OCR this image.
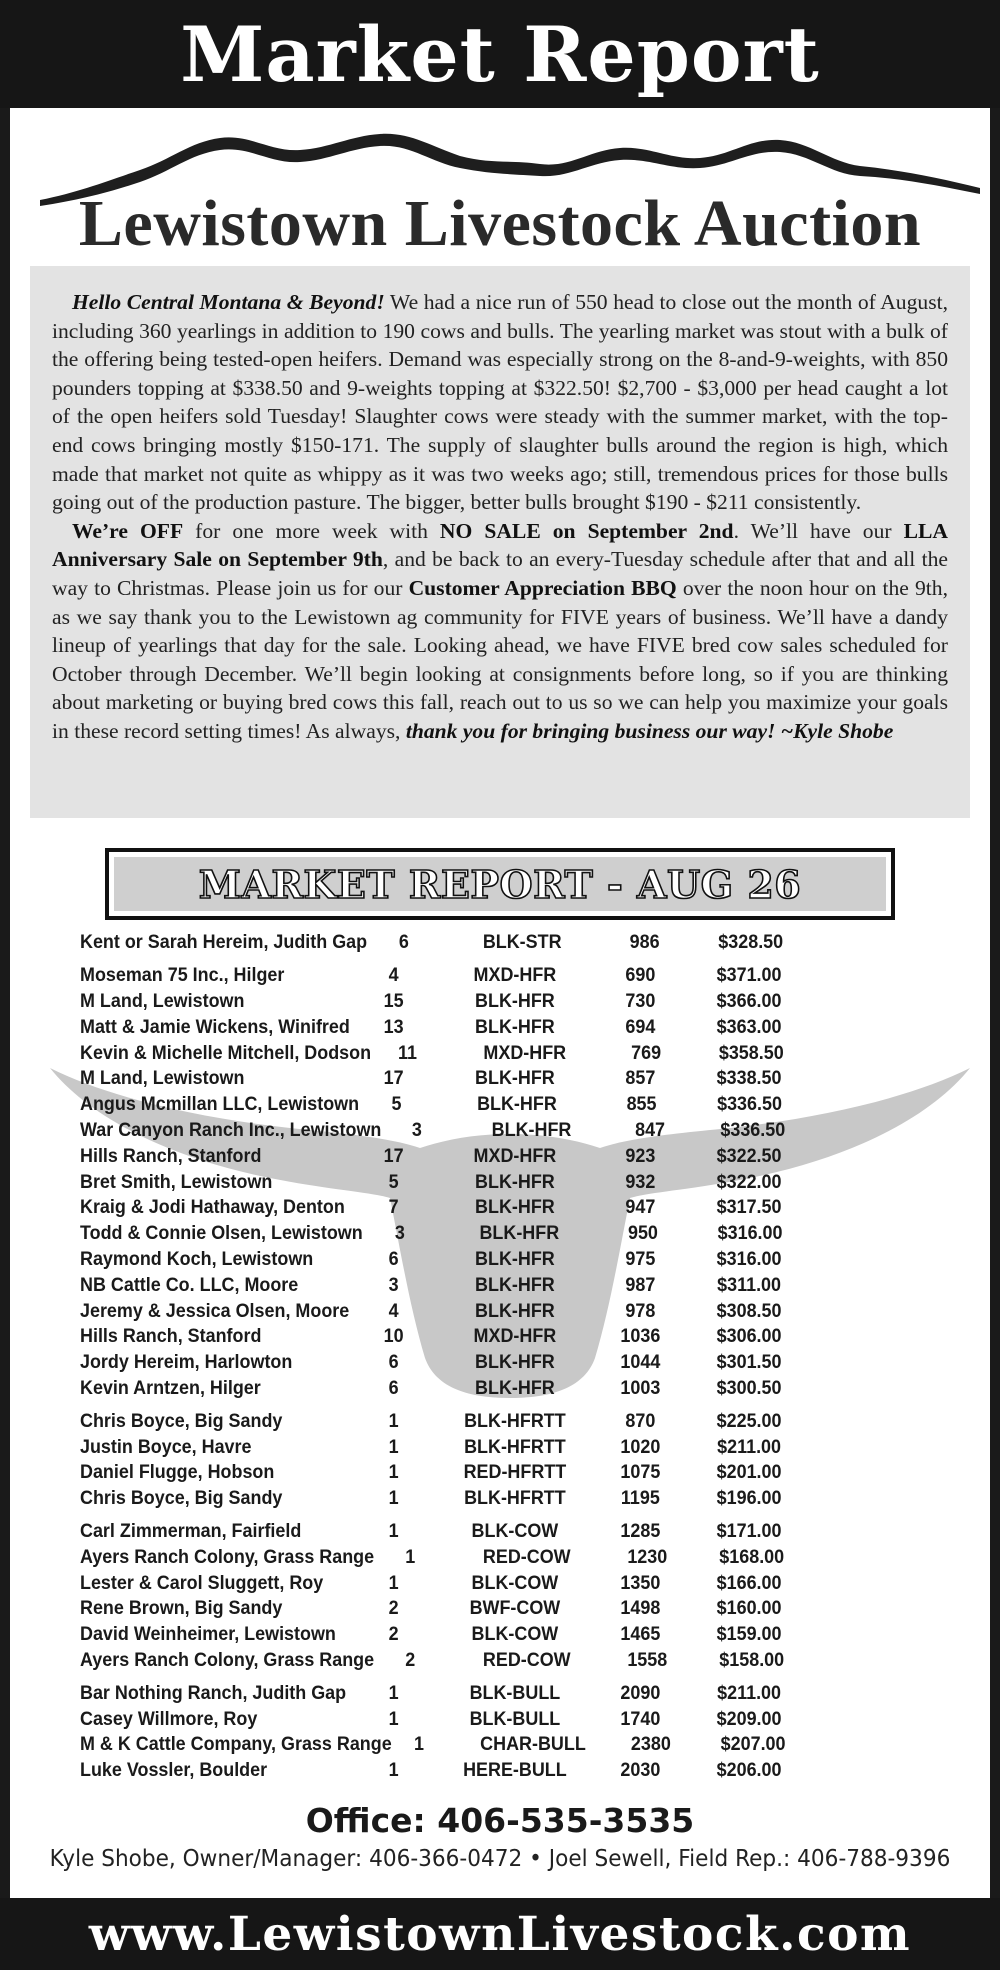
Market Report
Lewistown Livestock Auction

Hello Central Montana & Beyond! We had a nice run of 550 head to close out the month of August, including 360 yearlings in addition to 190 cows and bulls. The yearling market was stout with a bulk of the offering being tested-open heifers. Demand was especially strong on the 8-and-9-weights, with 850 pounders topping at $338.50 and 9-weights topping at $322.50! $2,700 - $3,000 per head caught a lot of the open heifers sold Tuesday! Slaughter cows were steady with the summer market, with the top-end cows bringing mostly $150-171. The supply of slaughter bulls around the region is high, which made that market not quite as whippy as it was two weeks ago; still, tremendous prices for those bulls going out of the production pasture. The bigger, better bulls brought $190 - $211 consistently.

We’re OFF for one more week with NO SALE on September 2nd. We’ll have our LLA Anniversary Sale on September 9th, and be back to an every-Tuesday schedule after that and all the way to Christmas. Please join us for our Customer Appreciation BBQ over the noon hour on the 9th, as we say thank you to the Lewistown ag community for FIVE years of business. We’ll have a dandy lineup of yearlings that day for the sale. Looking ahead, we have FIVE bred cow sales scheduled for October through December. We’ll begin looking at consignments before long, so if you are thinking about marketing or buying bred cows this fall, reach out to us so we can help you maximize your goals in these record setting times! As always, thank you for bringing business our way! ~Kyle Shobe

MARKET REPORT - AUG 26
Kent or Sarah Hereim, Judith Gap	6	BLK-STR	986	$328.50
Moseman 75 Inc., Hilger	4	MXD-HFR	690	$371.00
M Land, Lewistown	15	BLK-HFR	730	$366.00
Matt & Jamie Wickens, Winifred	13	BLK-HFR	694	$363.00
Kevin & Michelle Mitchell, Dodson	11	MXD-HFR	769	$358.50
M Land, Lewistown	17	BLK-HFR	857	$338.50
Angus Mcmillan LLC, Lewistown	5	BLK-HFR	855	$336.50
War Canyon Ranch Inc., Lewistown	3	BLK-HFR	847	$336.50
Hills Ranch, Stanford	17	MXD-HFR	923	$322.50
Bret Smith, Lewistown	5	BLK-HFR	932	$322.00
Kraig & Jodi Hathaway, Denton	7	BLK-HFR	947	$317.50
Todd & Connie Olsen, Lewistown	3	BLK-HFR	950	$316.00
Raymond Koch, Lewistown	6	BLK-HFR	975	$316.00
NB Cattle Co. LLC, Moore	3	BLK-HFR	987	$311.00
Jeremy & Jessica Olsen, Moore	4	BLK-HFR	978	$308.50
Hills Ranch, Stanford	10	MXD-HFR	1036	$306.00
Jordy Hereim, Harlowton	6	BLK-HFR	1044	$301.50
Kevin Arntzen, Hilger	6	BLK-HFR	1003	$300.50
Chris Boyce, Big Sandy	1	BLK-HFRTT	870	$225.00
Justin Boyce, Havre	1	BLK-HFRTT	1020	$211.00
Daniel Flugge, Hobson	1	RED-HFRTT	1075	$201.00
Chris Boyce, Big Sandy	1	BLK-HFRTT	1195	$196.00
Carl Zimmerman, Fairfield	1	BLK-COW	1285	$171.00
Ayers Ranch Colony, Grass Range	1	RED-COW	1230	$168.00
Lester & Carol Sluggett, Roy	1	BLK-COW	1350	$166.00
Rene Brown, Big Sandy	2	BWF-COW	1498	$160.00
David Weinheimer, Lewistown	2	BLK-COW	1465	$159.00
Ayers Ranch Colony, Grass Range	2	RED-COW	1558	$158.00
Bar Nothing Ranch, Judith Gap	1	BLK-BULL	2090	$211.00
Casey Willmore, Roy	1	BLK-BULL	1740	$209.00
M & K Cattle Company, Grass Range	1	CHAR-BULL	2380	$207.00
Luke Vossler, Boulder	1	HERE-BULL	2030	$206.00
Office: 406-535-3535
Kyle Shobe, Owner/Manager: 406-366-0472 • Joel Sewell, Field Rep.: 406-788-9396
www.LewistownLivestock.com
